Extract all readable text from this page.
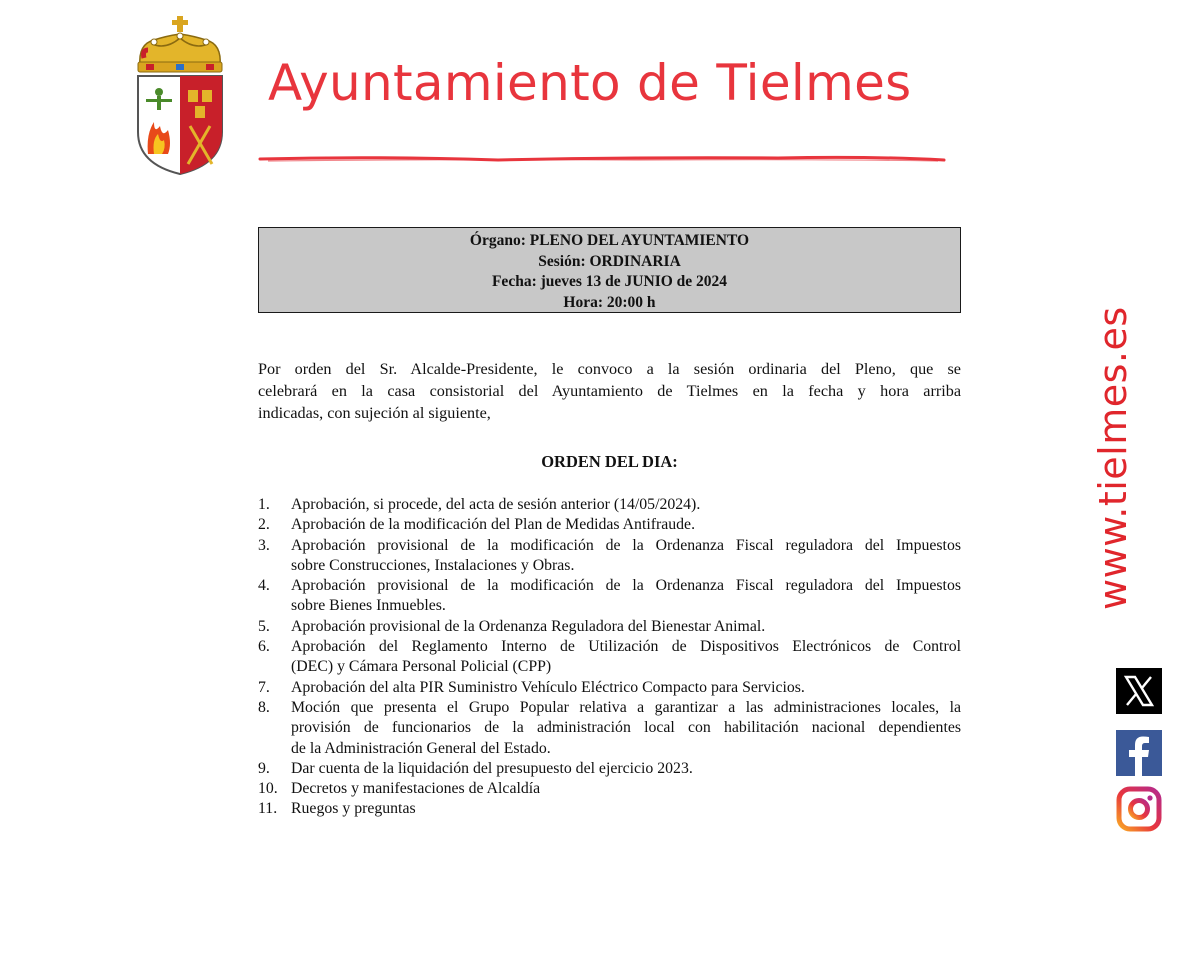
Ayuntamiento de Tielmes
Órgano: PLENO DEL AYUNTAMIENTO
Sesión: ORDINARIA
Fecha: jueves 13 de JUNIO de 2024
Hora: 20:00 h
Por orden del Sr. Alcalde-Presidente, le convoco a la sesión ordinaria del Pleno, que se
celebrará en la casa consistorial del Ayuntamiento de Tielmes en la fecha y hora arriba
indicadas, con sujeción al siguiente,
ORDEN DEL DIA:
1.	Aprobación, si procede, del acta de sesión anterior (14/05/2024).
2.	Aprobación de la modificación del Plan de Medidas Antifraude.
3.	Aprobación provisional de la modificación de la Ordenanza Fiscal reguladora del Impuestos
sobre Construcciones, Instalaciones y Obras.
4.	Aprobación provisional de la modificación de la Ordenanza Fiscal reguladora del Impuestos
sobre Bienes Inmuebles.
5.	Aprobación provisional de la Ordenanza Reguladora del Bienestar Animal.
6.	Aprobación del Reglamento Interno de Utilización de Dispositivos Electrónicos de Control
(DEC) y Cámara Personal Policial (CPP)
7.	Aprobación del alta PIR Suministro Vehículo Eléctrico Compacto para Servicios.
8.	Moción que presenta el Grupo Popular relativa a garantizar a las administraciones locales, la
provisión de funcionarios de la administración local con habilitación nacional dependientes
de la Administración General del Estado.
9.	Dar cuenta de la liquidación del presupuesto del ejercicio 2023.
10. Decretos y manifestaciones de Alcaldía
11. Ruegos y preguntas
www.tielmes.es
